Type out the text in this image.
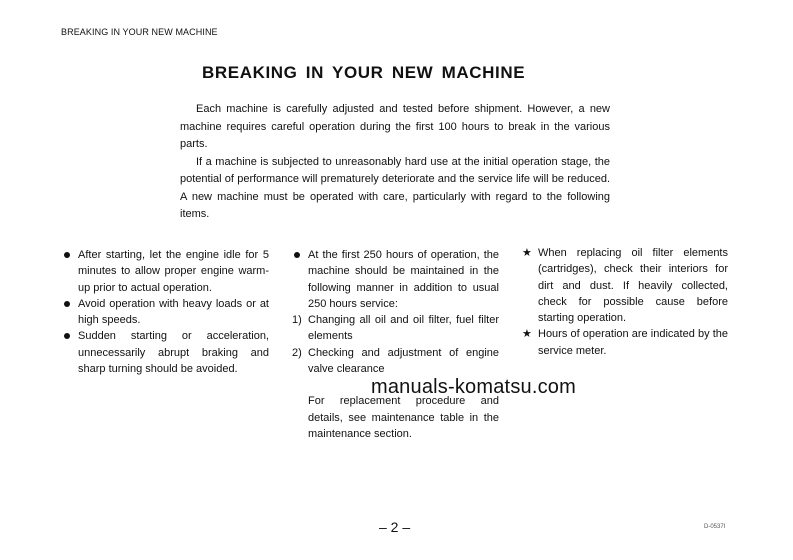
BREAKING IN YOUR NEW MACHINE
BREAKING IN YOUR NEW MACHINE

Each machine is carefully adjusted and tested before shipment. However, a new machine requires careful operation during the first 100 hours to break in the various parts.

If a machine is subjected to unreasonably hard use at the initial operation stage, the potential of performance will prematurely deteriorate and the service life will be reduced. A new machine must be operated with care, particularly with regard to the following items.

After starting, let the engine idle for 5 minutes to allow proper engine warm-up prior to actual operation.
Avoid operation with heavy loads or at high speeds.
Sudden starting or acceleration, unnecessarily abrupt braking and sharp turning should be avoided.
At the first 250 hours of operation, the machine should be maintained in the following manner in addition to usual 250 hours service:
1) Changing all oil and oil filter, fuel filter elements
2) Checking and adjustment of engine valve clearance
For replacement procedure and details, see maintenance table in the maintenance section.
★ When replacing oil filter elements (cartridges), check their interiors for dirt and dust. If heavily collected, check for possible cause before starting operation.
★ Hours of operation are indicated by the service meter.
manuals-komatsu.com
– 2 –	D-0537I
